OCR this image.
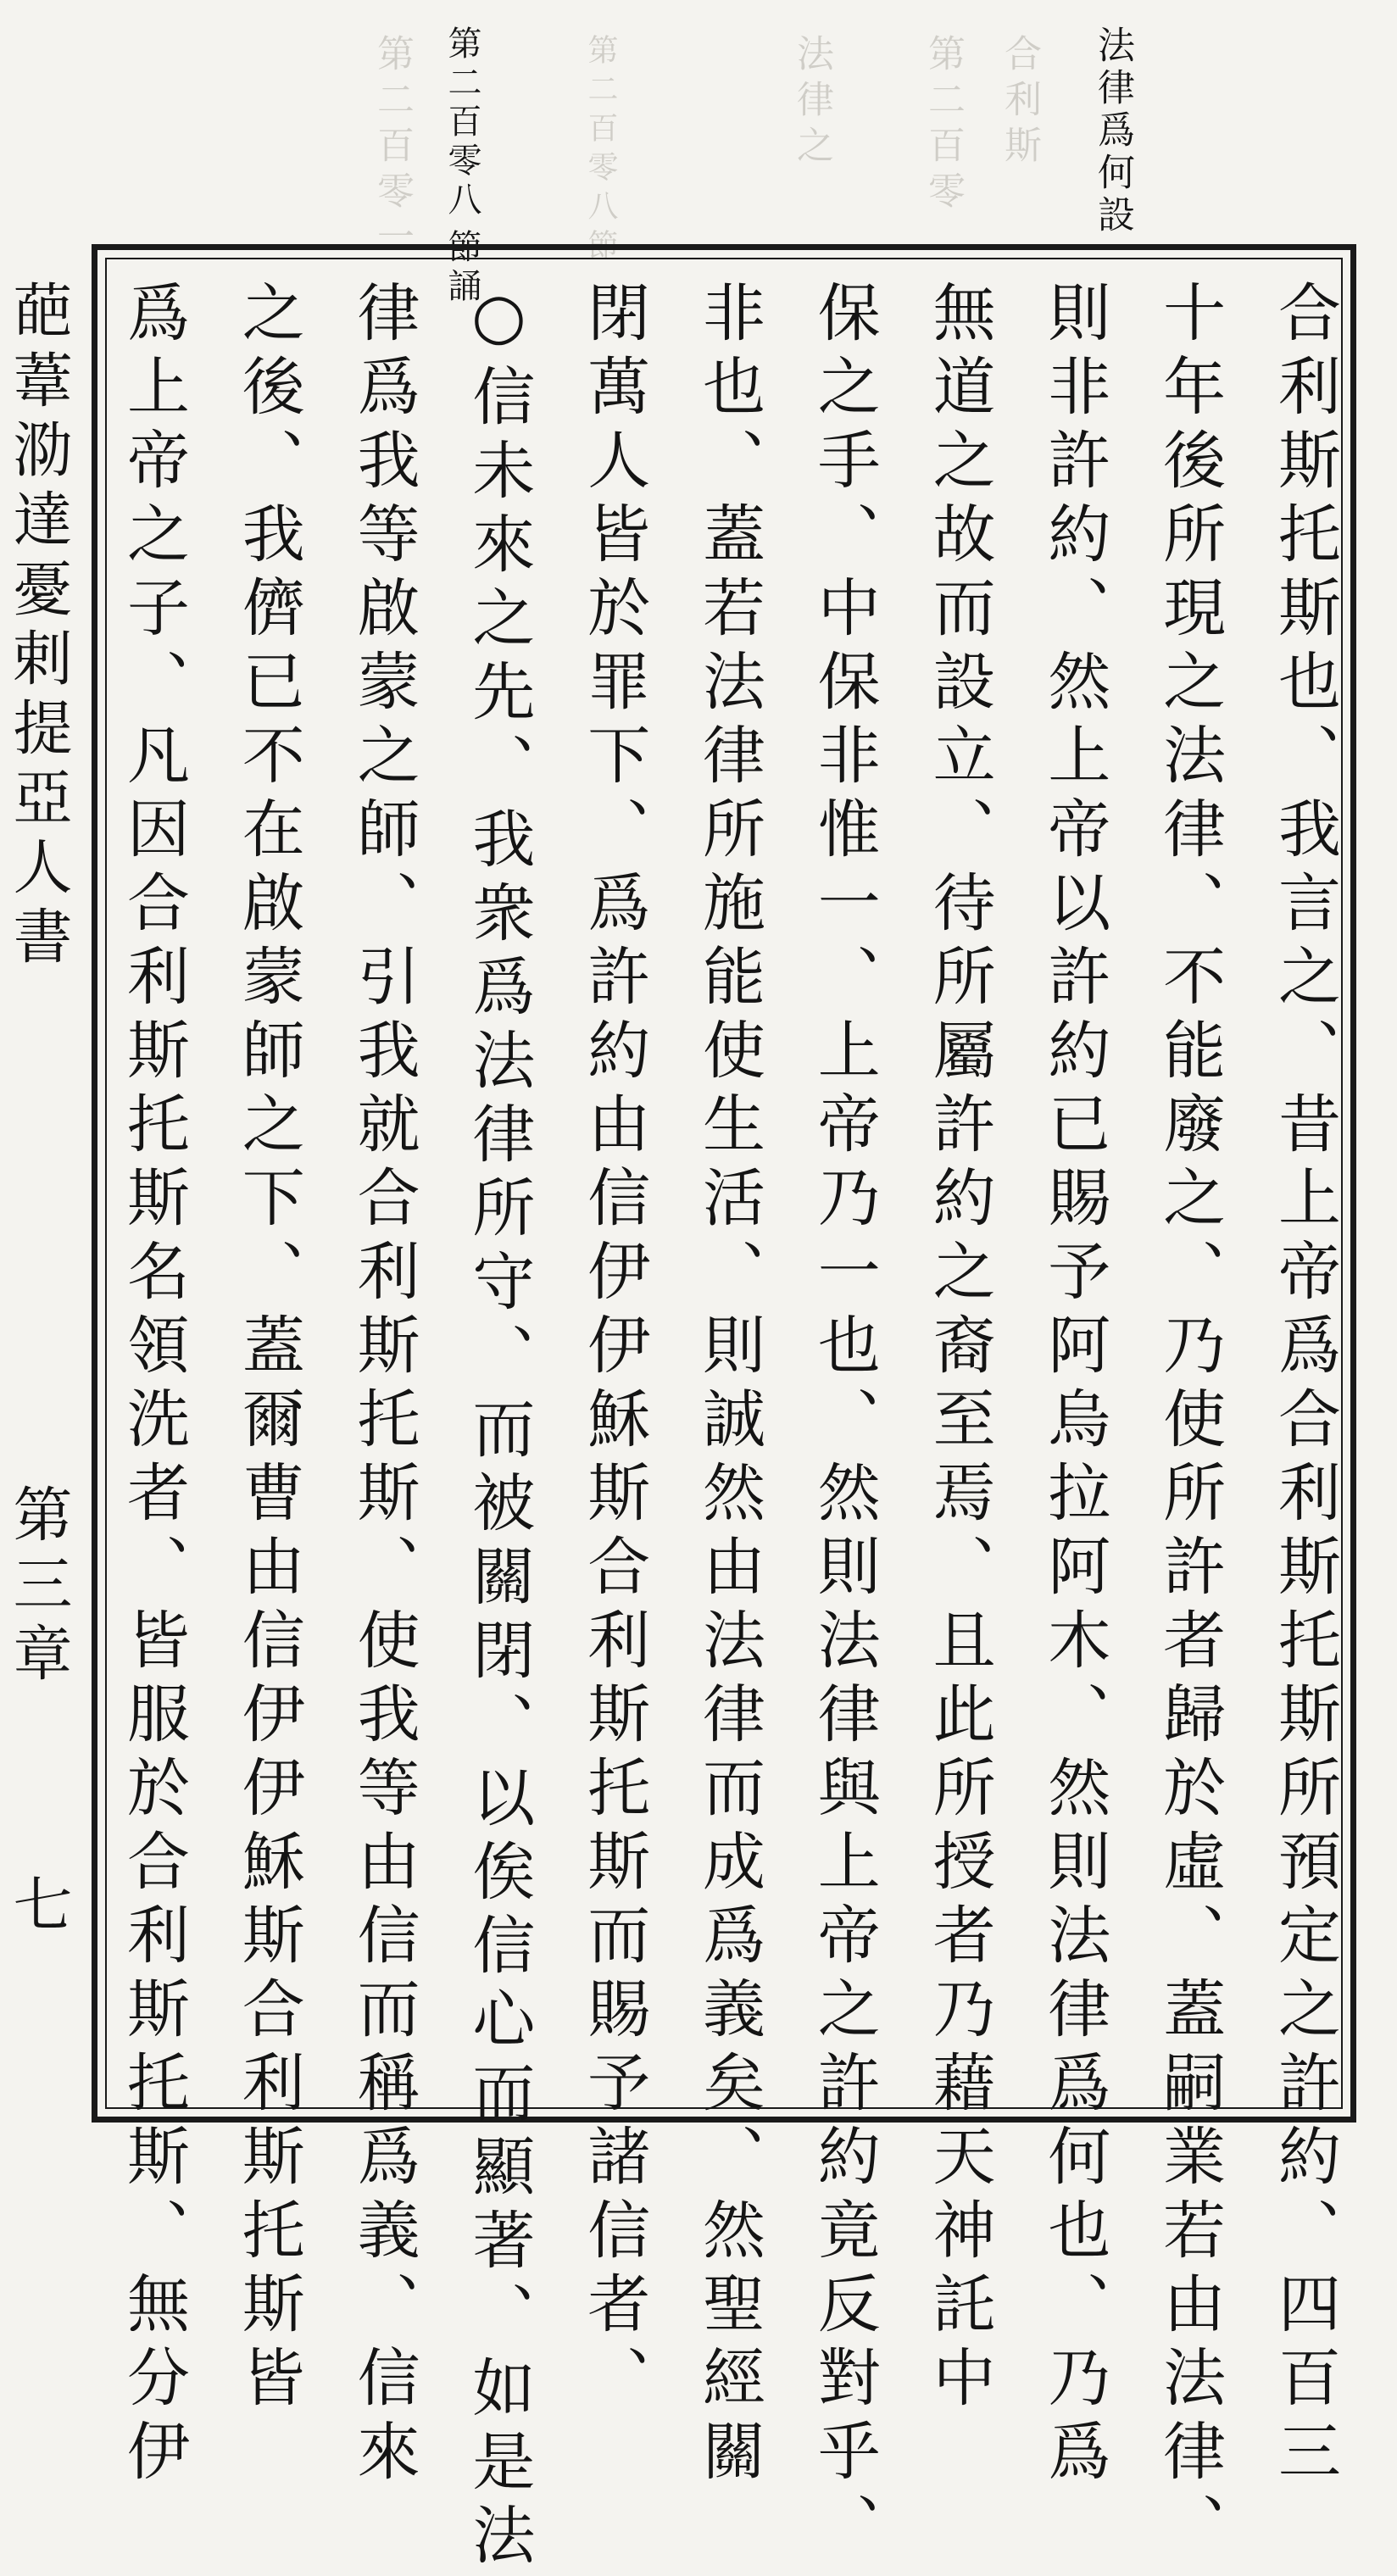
合利斯
第二百零
法律之
第二百零八節
第二百零一	法律爲何設
第二百零八
節誦
合利斯托斯也、我言之、昔上帝爲合利斯托斯所預定之許約、四百三
十年後所現之法律、不能廢之、乃使所許者歸於虛、蓋嗣業若由法律、
則非許約、然上帝以許約已賜予阿烏拉阿木、然則法律爲何也、乃爲
無道之故而設立、待所屬許約之裔至焉、且此所授者乃藉天神託中
保之手、中保非惟一、上帝乃一也、然則法律與上帝之許約竟反對乎、
非也、蓋若法律所施能使生活、則誠然由法律而成爲義矣、然聖經關
閉萬人皆於罪下、爲許約由信伊伊穌斯合利斯托斯而賜予諸信者、
○信未來之先、我衆爲法律所守、而被關閉、以俟信心而顯著、如是法
律爲我等啟蒙之師、引我就合利斯托斯、使我等由信而稱爲義、信來
之後、我儕已不在啟蒙師之下、蓋爾曹由信伊伊穌斯合利斯托斯皆
爲上帝之子、凡因合利斯托斯名領洗者、皆服於合利斯托斯、無分伊
葩葦泐達憂剌提亞人書
第三章
七
